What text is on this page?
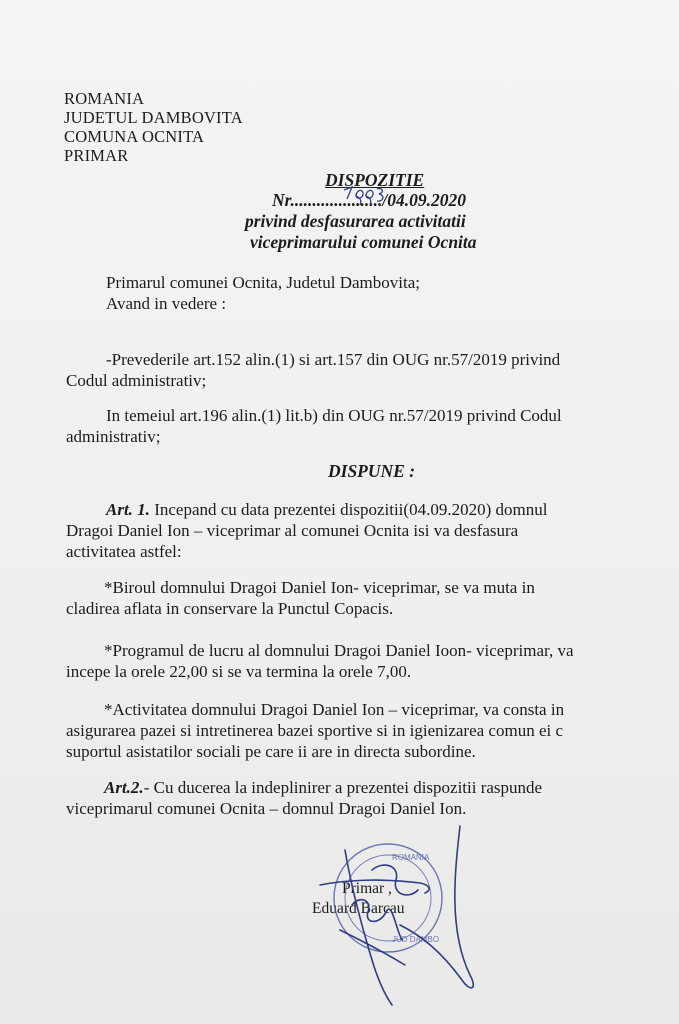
ROMANIA
JUDETUL DAMBOVITA
COMUNA OCNITA
PRIMAR
DISPOZITIE
Nr...................../04.09.2020
privind desfasurarea activitatii
viceprimarului comunei Ocnita
Primarul comunei Ocnita, Judetul Dambovita;
Avand in vedere :
-Prevederile art.152 alin.(1) si art.157 din OUG nr.57/2019 privind
Codul administrativ;
In temeiul art.196 alin.(1) lit.b) din OUG nr.57/2019 privind Codul
administrativ;
DISPUNE :
Art. 1. Incepand cu data prezentei dispozitii(04.09.2020) domnul
Dragoi Daniel Ion – viceprimar al comunei Ocnita isi va desfasura
activitatea astfel:
*Biroul domnului Dragoi Daniel Ion- viceprimar, se va muta in
cladirea aflata in conservare la Punctul Copacis.
*Programul de lucru al domnului Dragoi Daniel Ioon- viceprimar, va
incepe la orele 22,00 si se va termina la orele 7,00.
*Activitatea domnului Dragoi Daniel Ion – viceprimar, va consta in
asigurarea pazei si intretinerea bazei sportive si in igienizarea comun ei c
suportul asistatilor sociali pe care ii are in directa subordine.
Art.2.- Cu ducerea la indeplinirer a prezentei dispozitii raspunde
viceprimarul comunei Ocnita – domnul Dragoi Daniel Ion.
Primar ,
Eduard Barcau
ROMANIA
JUD DAMBO
